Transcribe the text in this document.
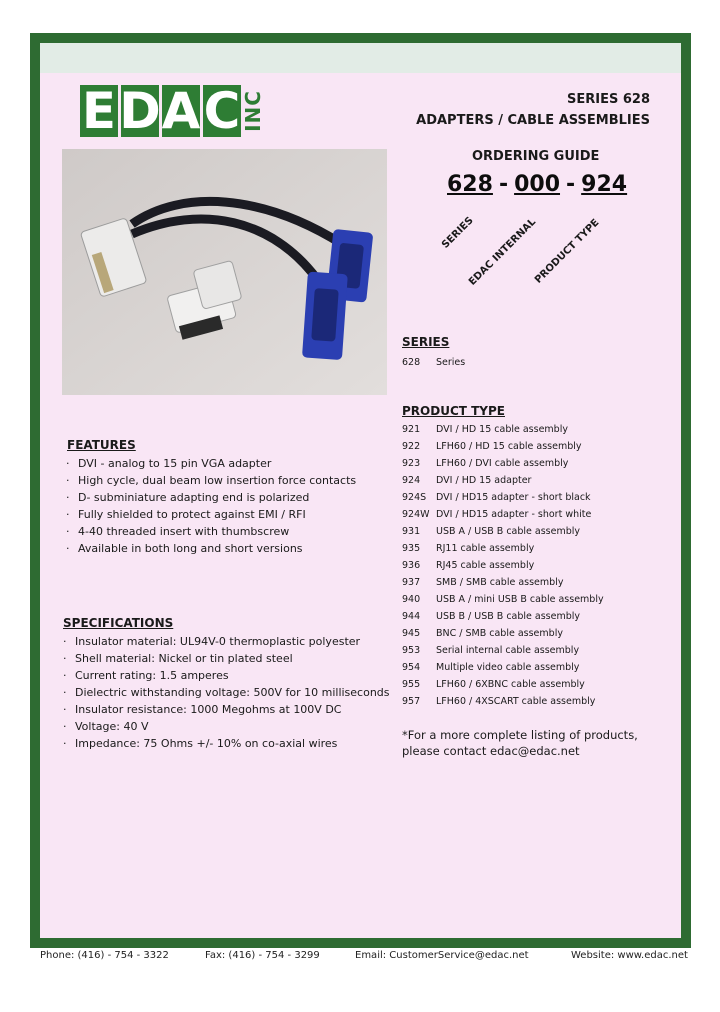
E D A C INC	SERIES 628
ADAPTERS / CABLE ASSEMBLIES
ORDERING GUIDE
628 - 000 - 924
SERIES
EDAC INTERNAL
PRODUCT TYPE
FEATURES
· DVI - analog to 15 pin VGA adapter
· High cycle, dual beam low insertion force contacts
· D- subminiature adapting end is polarized
· Fully shielded to protect against EMI / RFI
· 4-40 threaded insert with thumbscrew
· Available in both long and short versions
SPECIFICATIONS
· Insulator material: UL94V-0 thermoplastic polyester
· Shell material: Nickel or tin plated steel
· Current rating: 1.5 amperes
· Dielectric withstanding voltage: 500V for 10 milliseconds
· Insulator resistance: 1000 Megohms at 100V DC
· Voltage: 40 V
· Impedance: 75 Ohms +/- 10% on co-axial wires
SERIES
628 Series
PRODUCT TYPE
921 DVI / HD 15 cable assembly
922 LFH60 / HD 15 cable assembly
923 LFH60 / DVI cable assembly
924 DVI / HD 15 adapter
924S DVI / HD15 adapter - short black
924W DVI / HD15 adapter - short white
931 USB A / USB B cable assembly
935 RJ11 cable assembly
936 RJ45 cable assembly
937 SMB / SMB cable assembly
940 USB A / mini USB B cable assembly
944 USB B / USB B cable assembly
945 BNC / SMB cable assembly
953 Serial internal cable assembly
954 Multiple video cable assembly
955 LFH60 / 6XBNC cable assembly
957 LFH60 / 4XSCART cable assembly
*For a more complete listing of products, please contact edac@edac.net
Phone: (416) - 754 - 3322	Fax: (416) - 754 - 3299	Email: CustomerService@edac.net	Website: www.edac.net
